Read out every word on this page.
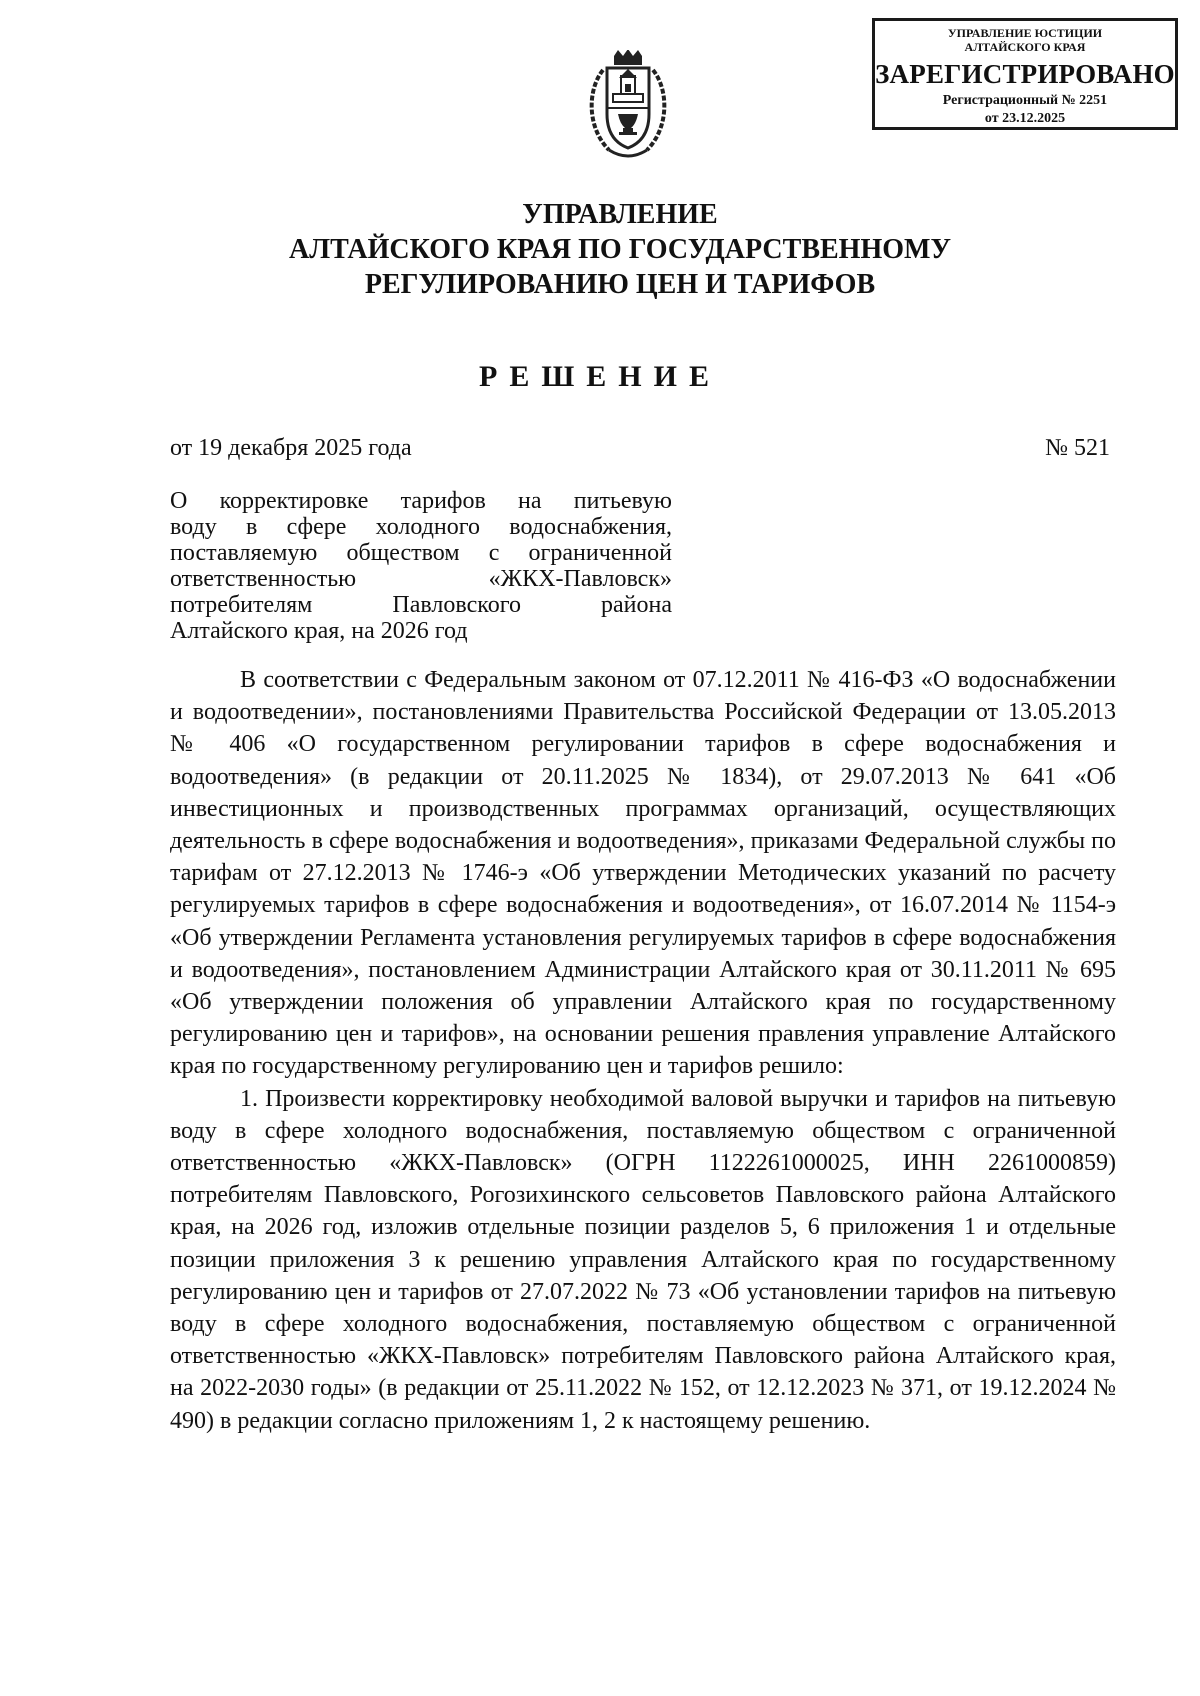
УПРАВЛЕНИЕ ЮСТИЦИИ
АЛТАЙСКОГО КРАЯ
ЗАРЕГИСТРИРОВАНО
Регистрационный № 2251
от 23.12.2025
УПРАВЛЕНИЕ
АЛТАЙСКОГО КРАЯ ПО ГОСУДАРСТВЕННОМУ
РЕГУЛИРОВАНИЮ ЦЕН И ТАРИФОВ
РЕШЕНИЕ
от 19 декабря 2025 года	№ 521
О корректировке тарифов на питьевую
воду в сфере холодного водоснабжения,
поставляемую обществом с ограниченной
ответственностью «ЖКХ-Павловск»
потребителям Павловского района
Алтайского края, на 2026 год

В соответствии с Федеральным законом от 07.12.2011 № 416-ФЗ «О водоснабжении и водоотведении», постановлениями Правительства Российской Федерации от 13.05.2013 № 406 «О государственном регулировании тарифов в сфере водоснабжения и водоотведения» (в редакции от 20.11.2025 № 1834), от 29.07.2013 № 641 «Об инвестиционных и производственных программах организаций, осуществляющих деятельность в сфере водоснабжения и водоотведения», приказами Федеральной службы по тарифам от 27.12.2013 № 1746-э «Об утверждении Методических указаний по расчету регулируемых тарифов в сфере водоснабжения и водоотведения», от 16.07.2014 № 1154-э «Об утверждении Регламента установления регулируемых тарифов в сфере водоснабжения и водоотведения», постановлением Администрации Алтайского края от 30.11.2011 № 695 «Об утверждении положения об управлении Алтайского края по государственному регулированию цен и тарифов», на основании решения правления управление Алтайского края по государственному регулированию цен и тарифов решило:

1. Произвести корректировку необходимой валовой выручки и тарифов на питьевую воду в сфере холодного водоснабжения, поставляемую обществом с ограниченной ответственностью «ЖКХ-Павловск» (ОГРН 1122261000025, ИНН 2261000859) потребителям Павловского, Рогозихинского сельсоветов Павловского района Алтайского края, на 2026 год, изложив отдельные позиции разделов 5, 6 приложения 1 и отдельные позиции приложения 3 к решению управления Алтайского края по государственному регулированию цен и тарифов от 27.07.2022 № 73 «Об установлении тарифов на питьевую воду в сфере холодного водоснабжения, поставляемую обществом с ограниченной ответственностью «ЖКХ-Павловск» потребителям Павловского района Алтайского края, на 2022-2030 годы» (в редакции от 25.11.2022 № 152, от 12.12.2023 № 371, от 19.12.2024 № 490) в редакции согласно приложениям 1, 2 к настоящему решению.
